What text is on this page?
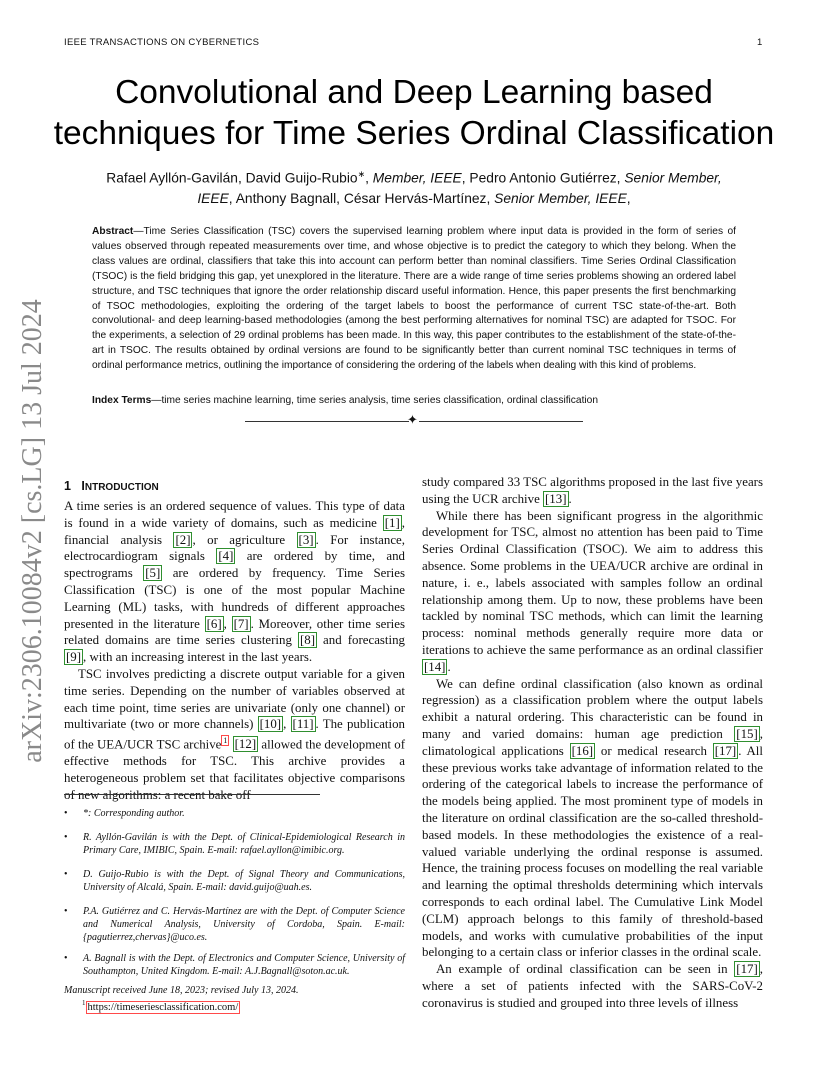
IEEE TRANSACTIONS ON CYBERNETICS	1
arXiv:2306.10084v2 [cs.LG] 13 Jul 2024
Convolutional and Deep Learning based
techniques for Time Series Ordinal Classification
Rafael Ayllón-Gavilán, David Guijo-Rubio∗, Member, IEEE, Pedro Antonio Gutiérrez, Senior Member,
IEEE, Anthony Bagnall, César Hervás-Martínez, Senior Member, IEEE,
Abstract—Time Series Classification (TSC) covers the supervised learning problem where input data is provided in the form of series of values observed through repeated measurements over time, and whose objective is to predict the category to which they belong. When the class values are ordinal, classifiers that take this into account can perform better than nominal classifiers. Time Series Ordinal Classification (TSOC) is the field bridging this gap, yet unexplored in the literature. There are a wide range of time series problems showing an ordered label structure, and TSC techniques that ignore the order relationship discard useful information. Hence, this paper presents the first benchmarking of TSOC methodologies, exploiting the ordering of the target labels to boost the performance of current TSC state-of-the-art. Both convolutional- and deep learning-based methodologies (among the best performing alternatives for nominal TSC) are adapted for TSOC. For the experiments, a selection of 29 ordinal problems has been made. In this way, this paper contributes to the establishment of the state-of-the-art in TSOC. The results obtained by ordinal versions are found to be significantly better than current nominal TSC techniques in terms of ordinal performance metrics, outlining the importance of considering the ordering of the labels when dealing with this kind of problems.
Index Terms—time series machine learning, time series analysis, time series classification, ordinal classification
✦
1 INTRODUCTION

A time series is an ordered sequence of values. This type of data is found in a wide variety of domains, such as medicine [1] , financial analysis [2] , or agriculture [3] . For instance, electrocardiogram signals [4] are ordered by time, and spectrograms [5] are ordered by frequency. Time Series Classification (TSC) is one of the most popular Machine Learning (ML) tasks, with hundreds of different approaches presented in the literature [6] , [7] . Moreover, other time series related domains are time series clustering [8] and forecasting [9] , with an increasing interest in the last years.

TSC involves predicting a discrete output variable for a given time series. Depending on the number of variables observed at each time point, time series are univariate (only one channel) or multivariate (two or more channels) [10] , [11] . The publication of the UEA/UCR TSC archive $^1$ [12] allowed the development of effective methods for TSC. This archive provides a heterogeneous problem set that facilitates objective comparisons

• *: Corresponding author.
• R. Ayllón-Gavilán is with the Dept. of Clinical-Epidemiological Research in Primary Care, IMIBIC, Spain. E-mail: rafael.ayllon@imibic.org.
• D. Guijo-Rubio is with the Dept. of Signal Theory and Communications, University of Alcalá, Spain. E-mail: david.guijo@uah.es.
• P.A. Gutiérrez and C. Hervás-Martínez are with the Dept. of Computer Science and Numerical Analysis, University of Cordoba, Spain. E-mail: {pagutierrez,chervas}@uco.es.
• A. Bagnall is with the Dept. of Electronics and Computer Science, University of Southampton, United Kingdom. E-mail: A.J.Bagnall@soton.ac.uk.
Manuscript received June 18, 2023; revised July 13, 2024.
$^1$ https://timeseriesclassification.com/

study compared 33 TSC algorithms proposed in the last five years using the UCR archive [13] .

While there has been significant progress in the algorithmic development for TSC, almost no attention has been paid to Time Series Ordinal Classification (TSOC). We aim to address this absence. Some problems in the UEA/UCR archive are ordinal in nature, i. e., labels associated with samples follow an ordinal relationship among them. Up to now, these problems have been tackled by nominal TSC methods, which can limit the learning process: nominal methods generally require more data or iterations to achieve the same performance as an ordinal classifier [14] .

We can define ordinal classification (also known as ordinal regression) as a classification problem where the output labels exhibit a natural ordering. This characteristic can be found in many and varied domains: human age prediction [15] , climatological applications [16] or medical research [17] . All these previous works take advantage of information related to the ordering of the categorical labels to increase the performance of the models being applied. The most prominent type of models in the literature on ordinal classification are the so-called threshold-based models. In these methodologies the existence of a real-valued variable underlying the ordinal response is assumed. Hence, the training process focuses on modelling the real variable and learning the optimal thresholds determining which intervals corresponds to each ordinal label. The Cumulative Link Model (CLM) approach belongs to this family of threshold-based models, and works with cumulative probabilities of the input belonging to a certain class or inferior classes in the ordinal scale.

An example of ordinal classification can be seen in [17] , where a set of patients infected with the SARS-CoV-2 coronavirus is studied and grouped into three levels of illness
